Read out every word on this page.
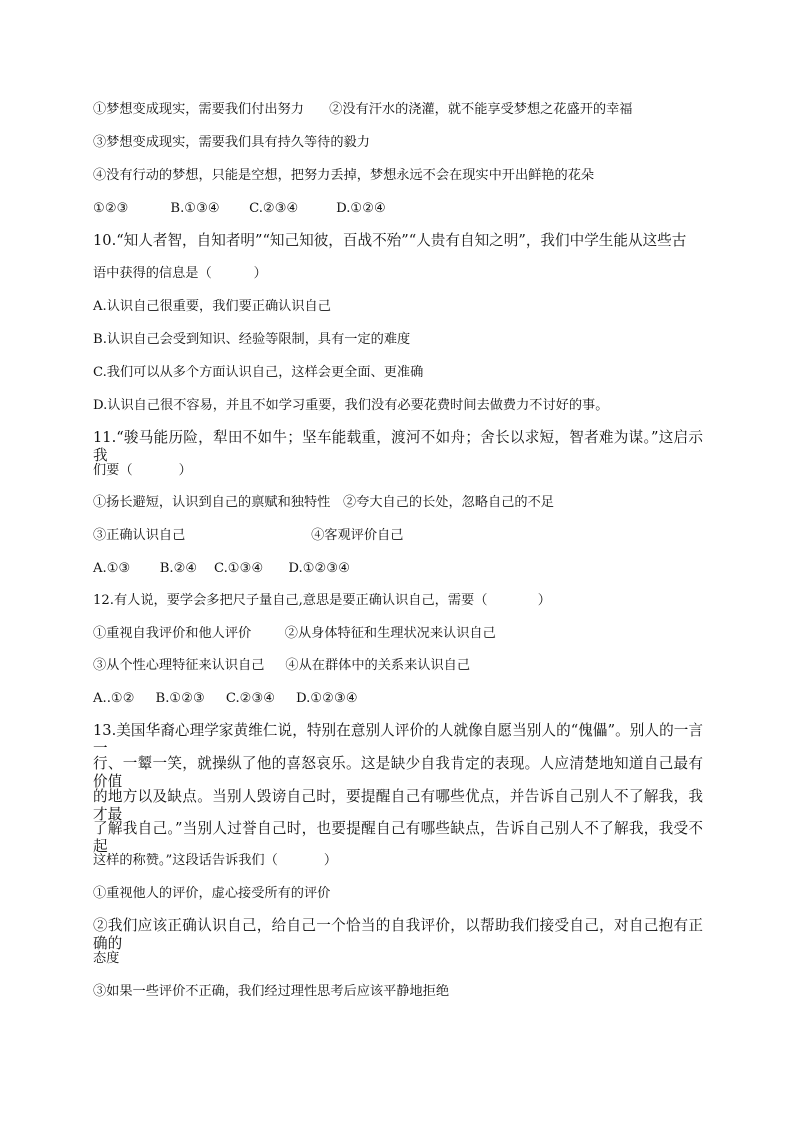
①梦想变成现实，需要我们付出努力      ②没有汗水的浇灌，就不能享受梦想之花盛开的幸福
③梦想变成现实，需要我们具有持久等待的毅力
④没有行动的梦想，只能是空想，把努力丢掉，梦想永远不会在现实中开出鲜艳的花朵
①②③          B.①③④       C.②③④         D.①②④
10.“知人者智，自知者明”“知己知彼，百战不殆”“人贵有自知之明”，我们中学生能从这些古
语中获得的信息是（          ）
A.认识自己很重要，我们要正确认识自己
B.认识自己会受到知识、经验等限制，具有一定的难度
C.我们可以从多个方面认识自己，这样会更全面、更准确
D.认识自己很不容易，并且不如学习重要，我们没有必要花费时间去做费力不讨好的事。
11.“骏马能历险，犁田不如牛；坚车能载重，渡河不如舟；舍长以求短，智者难为谋。”这启示我
们要（           ）
①扬长避短，认识到自己的禀赋和独特性   ②夸大自己的长处，忽略自己的不足
③正确认识自己                              ④客观评价自己
A.①③       B.②④    C.①③④      D.①②③④
12.有人说，要学会多把尺子量自己,意思是要正确认识自己，需要（            ）
①重视自我评价和他人评价        ②从身体特征和生理状况来认识自己
③从个性心理特征来认识自己     ④从在群体中的关系来认识自己
A..①②     B.①②③     C.②③④     D.①②③④
13.美国华裔心理学家黄维仁说，特别在意别人评价的人就像自愿当别人的“傀儡”。别人的一言一
行、一颦一笑，就操纵了他的喜怒哀乐。这是缺少自我肯定的表现。人应清楚地知道自己最有价值
的地方以及缺点。当别人毁谤自己时，要提醒自己有哪些优点，并告诉自己别人不了解我，我才最
了解我自己。”当别人过誉自己时，也要提醒自己有哪些缺点，告诉自己别人不了解我，我受不起
这样的称赞。”这段话告诉我们（           ）
①重视他人的评价，虚心接受所有的评价
②我们应该正确认识自己，给自己一个恰当的自我评价，以帮助我们接受自己，对自己抱有正确的
态度
③如果一些评价不正确，我们经过理性思考后应该平静地拒绝
